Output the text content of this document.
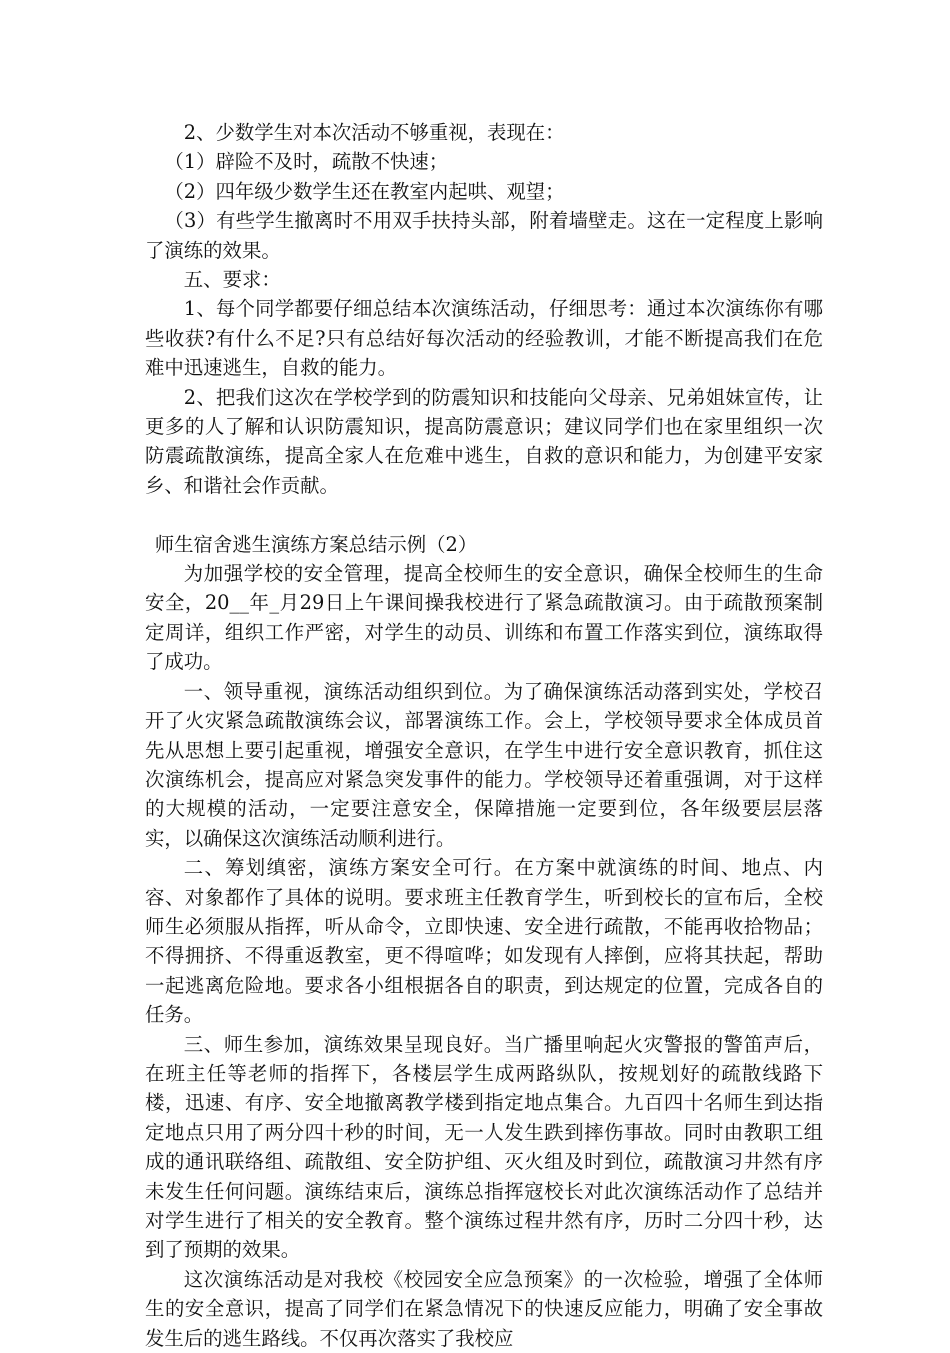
2、少数学生对本次活动不够重视，表现在：

（1）辟险不及时，疏散不快速；

（2）四年级少数学生还在教室内起哄、观望；

（3）有些学生撤离时不用双手扶持头部，附着墙壁走。这在一定程度上影响了演练的效果。

五、要求：

1、每个同学都要仔细总结本次演练活动，仔细思考：通过本次演练你有哪些收获?有什么不足?只有总结好每次活动的经验教训，才能不断提高我们在危难中迅速逃生，自救的能力。

2、把我们这次在学校学到的防震知识和技能向父母亲、兄弟姐妹宣传，让更多的人了解和认识防震知识，提高防震意识；建议同学们也在家里组织一次防震疏散演练，提高全家人在危难中逃生，自救的意识和能力，为创建平安家乡、和谐社会作贡献。

师生宿舍逃生演练方案总结示例（2）

为加强学校的安全管理，提高全校师生的安全意识，确保全校师生的生命安全，20__年_月29日上午课间操我校进行了紧急疏散演习。由于疏散预案制定周详，组织工作严密，对学生的动员、训练和布置工作落实到位，演练取得了成功。

一、领导重视，演练活动组织到位。为了确保演练活动落到实处，学校召开了火灾紧急疏散演练会议，部署演练工作。会上，学校领导要求全体成员首先从思想上要引起重视，增强安全意识，在学生中进行安全意识教育，抓住这次演练机会，提高应对紧急突发事件的能力。学校领导还着重强调，对于这样的大规模的活动，一定要注意安全，保障措施一定要到位，各年级要层层落实，以确保这次演练活动顺利进行。

二、筹划缜密，演练方案安全可行。在方案中就演练的时间、地点、内容、对象都作了具体的说明。要求班主任教育学生，听到校长的宣布后，全校师生必须服从指挥，听从命令，立即快速、安全进行疏散，不能再收拾物品；不得拥挤、不得重返教室，更不得喧哗；如发现有人摔倒，应将其扶起，帮助一起逃离危险地。要求各小组根据各自的职责，到达规定的位置，完成各自的任务。

三、师生参加，演练效果呈现良好。当广播里响起火灾警报的警笛声后，在班主任等老师的指挥下，各楼层学生成两路纵队，按规划好的疏散线路下楼，迅速、有序、安全地撤离教学楼到指定地点集合。九百四十名师生到达指定地点只用了两分四十秒的时间，无一人发生跌到摔伤事故。同时由教职工组成的通讯联络组、疏散组、安全防护组、灭火组及时到位，疏散演习井然有序未发生任何问题。演练结束后，演练总指挥寇校长对此次演练活动作了总结并对学生进行了相关的安全教育。整个演练过程井然有序，历时二分四十秒，达到了预期的效果。

这次演练活动是对我校《校园安全应急预案》的一次检验，增强了全体师生的安全意识，提高了同学们在紧急情况下的快速反应能力，明确了安全事故发生后的逃生路线。不仅再次落实了我校应
